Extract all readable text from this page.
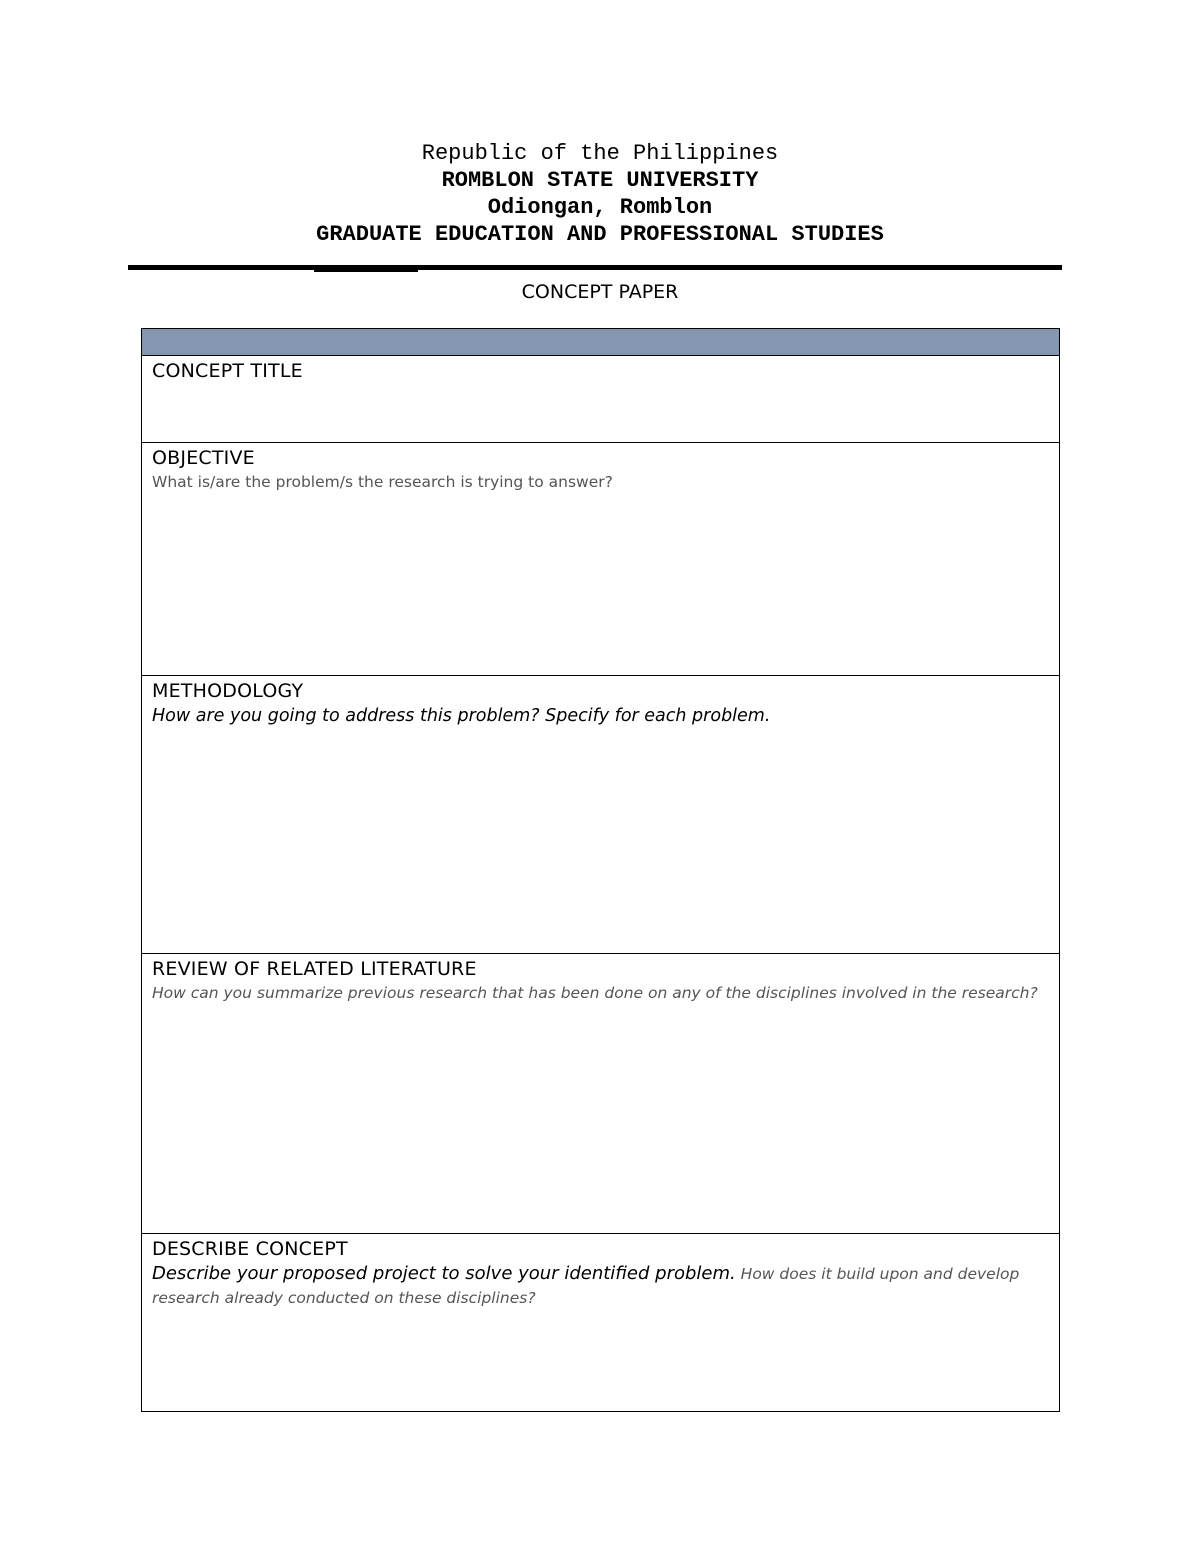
Republic of the Philippines
ROMBLON STATE UNIVERSITY
Odiongan, Romblon
GRADUATE EDUCATION AND PROFESSIONAL STUDIES
CONCEPT PAPER
CONCEPT TITLE
OBJECTIVE
What is/are the problem/s the research is trying to answer?
METHODOLOGY
How are you going to address this problem? Specify for each problem.
REVIEW OF RELATED LITERATURE
How can you summarize previous research that has been done on any of the disciplines involved in the research?
DESCRIBE CONCEPT
Describe your proposed project to solve your identified problem. How does it build upon and develop research already conducted on these disciplines?
